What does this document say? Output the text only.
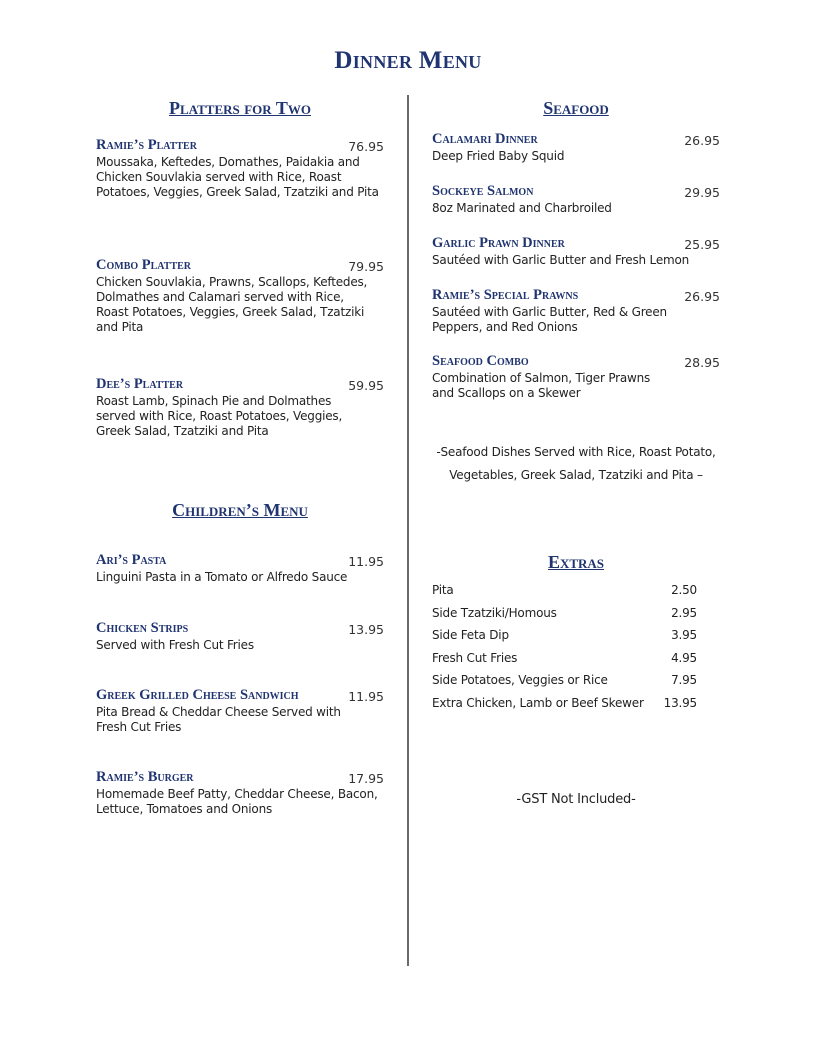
Dinner Menu
Platters for Two
Ramie’s Platter	76.95
Moussaka, Keftedes, Domathes, Paidakia and Chicken Souvlakia served with Rice, Roast Potatoes, Veggies, Greek Salad, Tzatziki and Pita
Combo Platter	79.95
Chicken Souvlakia, Prawns, Scallops, Keftedes, Dolmathes and Calamari served with Rice, Roast Potatoes, Veggies, Greek Salad, Tzatziki and Pita
Dee’s Platter	59.95
Roast Lamb, Spinach Pie and Dolmathes served with Rice, Roast Potatoes, Veggies, Greek Salad, Tzatziki and Pita
Children’s Menu
Ari’s Pasta	11.95
Linguini Pasta in a Tomato or Alfredo Sauce
Chicken Strips	13.95
Served with Fresh Cut Fries
Greek Grilled Cheese Sandwich	11.95
Pita Bread & Cheddar Cheese Served with Fresh Cut Fries
Ramie’s Burger	17.95
Homemade Beef Patty, Cheddar Cheese, Bacon, Lettuce, Tomatoes and Onions
Seafood
Calamari Dinner	26.95
Deep Fried Baby Squid
Sockeye Salmon	29.95
8oz Marinated and Charbroiled
Garlic Prawn Dinner	25.95
Sautéed with Garlic Butter and Fresh Lemon
Ramie’s Special Prawns	26.95
Sautéed with Garlic Butter, Red & Green Peppers, and Red Onions
Seafood Combo	28.95
Combination of Salmon, Tiger Prawns and Scallops on a Skewer
-Seafood Dishes Served with Rice, Roast Potato,
Vegetables, Greek Salad, Tzatziki and Pita –
Extras
Pita	2.50
Side Tzatziki/Homous	2.95
Side Feta Dip	3.95
Fresh Cut Fries	4.95
Side Potatoes, Veggies or Rice	7.95
Extra Chicken, Lamb or Beef Skewer 13.95
-GST Not Included-
